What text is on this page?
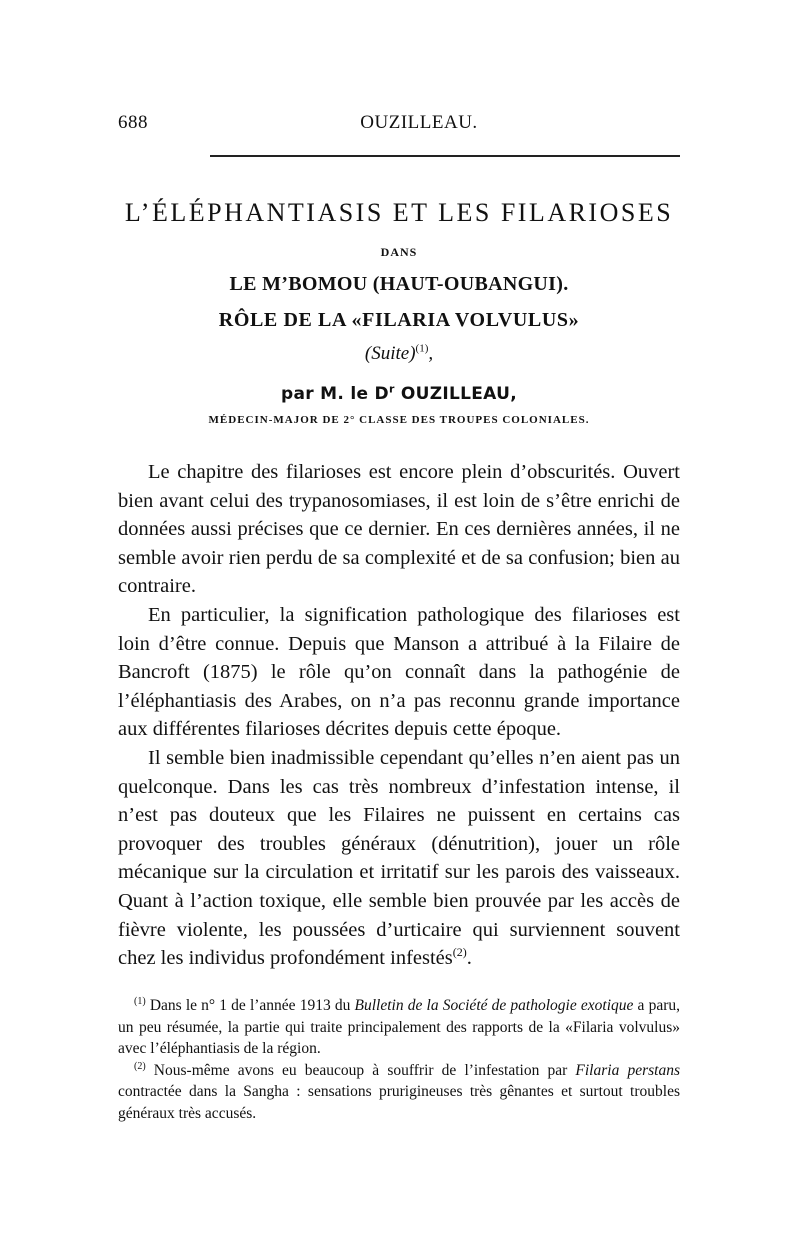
688	OUZILLEAU.
L’ÉLÉPHANTIASIS ET LES FILARIOSES
DANS
LE M’BOMOU (HAUT-OUBANGUI).
RÔLE DE LA «FILARIA VOLVULUS»
(Suite)$^{(1)}$,
par M. le $D^r$ OUZILLEAU,
MÉDECIN-MAJOR DE 2° CLASSE DES TROUPES COLONIALES.

Le chapitre des filarioses est encore plein d’obscurités. Ouvert bien avant celui des trypanosomiases, il est loin de s’être enrichi de données aussi précises que ce dernier. En ces dernières années, il ne semble avoir rien perdu de sa complexité et de sa confusion; bien au contraire.

En particulier, la signification pathologique des filarioses est loin d’être connue. Depuis que Manson a attribué à la Filaire de Bancroft (1875) le rôle qu’on connaît dans la pathogénie de l’éléphantiasis des Arabes, on n’a pas reconnu grande importance aux différentes filarioses décrites depuis cette époque.

Il semble bien inadmissible cependant qu’elles n’en aient pas un quelconque. Dans les cas très nombreux d’infestation intense, il n’est pas douteux que les Filaires ne puissent en certains cas provoquer des troubles généraux (dénutrition), jouer un rôle mécanique sur la circulation et irritatif sur les parois des vaisseaux. Quant à l’action toxique, elle semble bien prouvée par les accès de fièvre violente, les poussées d’urticaire qui surviennent souvent chez les individus profondément infestés$^{(2)}$.

$^{(1)}$ Dans le n° 1 de l’année 1913 du Bulletin de la Société de pathologie exotique a paru, un peu résumée, la partie qui traite principalement des rapports de la «Filaria volvulus» avec l’éléphantiasis de la région.

$^{(2)}$ Nous-même avons eu beaucoup à souffrir de l’infestation par Filaria perstans contractée dans la Sangha : sensations prurigineuses très gênantes et surtout troubles généraux très accusés.
